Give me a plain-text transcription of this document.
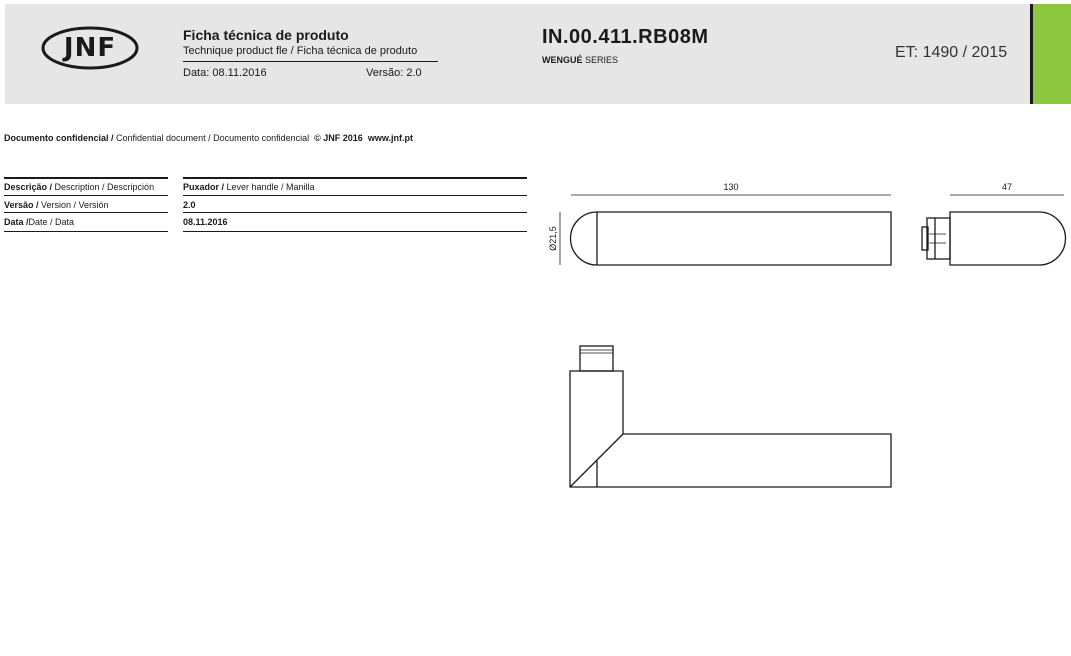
JNF	Ficha técnica de produto
Technique product fle / Ficha técnica de produto
Data: 08.11.2016	Versão: 2.0
IN.00.411.RB08M
WENGUÉ SERIES	ET: 1490 / 2015
Documento confidencial / Confidential document / Documento confidencial © JNF 2016 www.jnf.pt
Descrição / Description / Descripción	Puxador / Lever handle / Manilla
Versão / Version / Versión	2.0
Data /Date / Data	08.11.2016
130	47
Ø21,5
